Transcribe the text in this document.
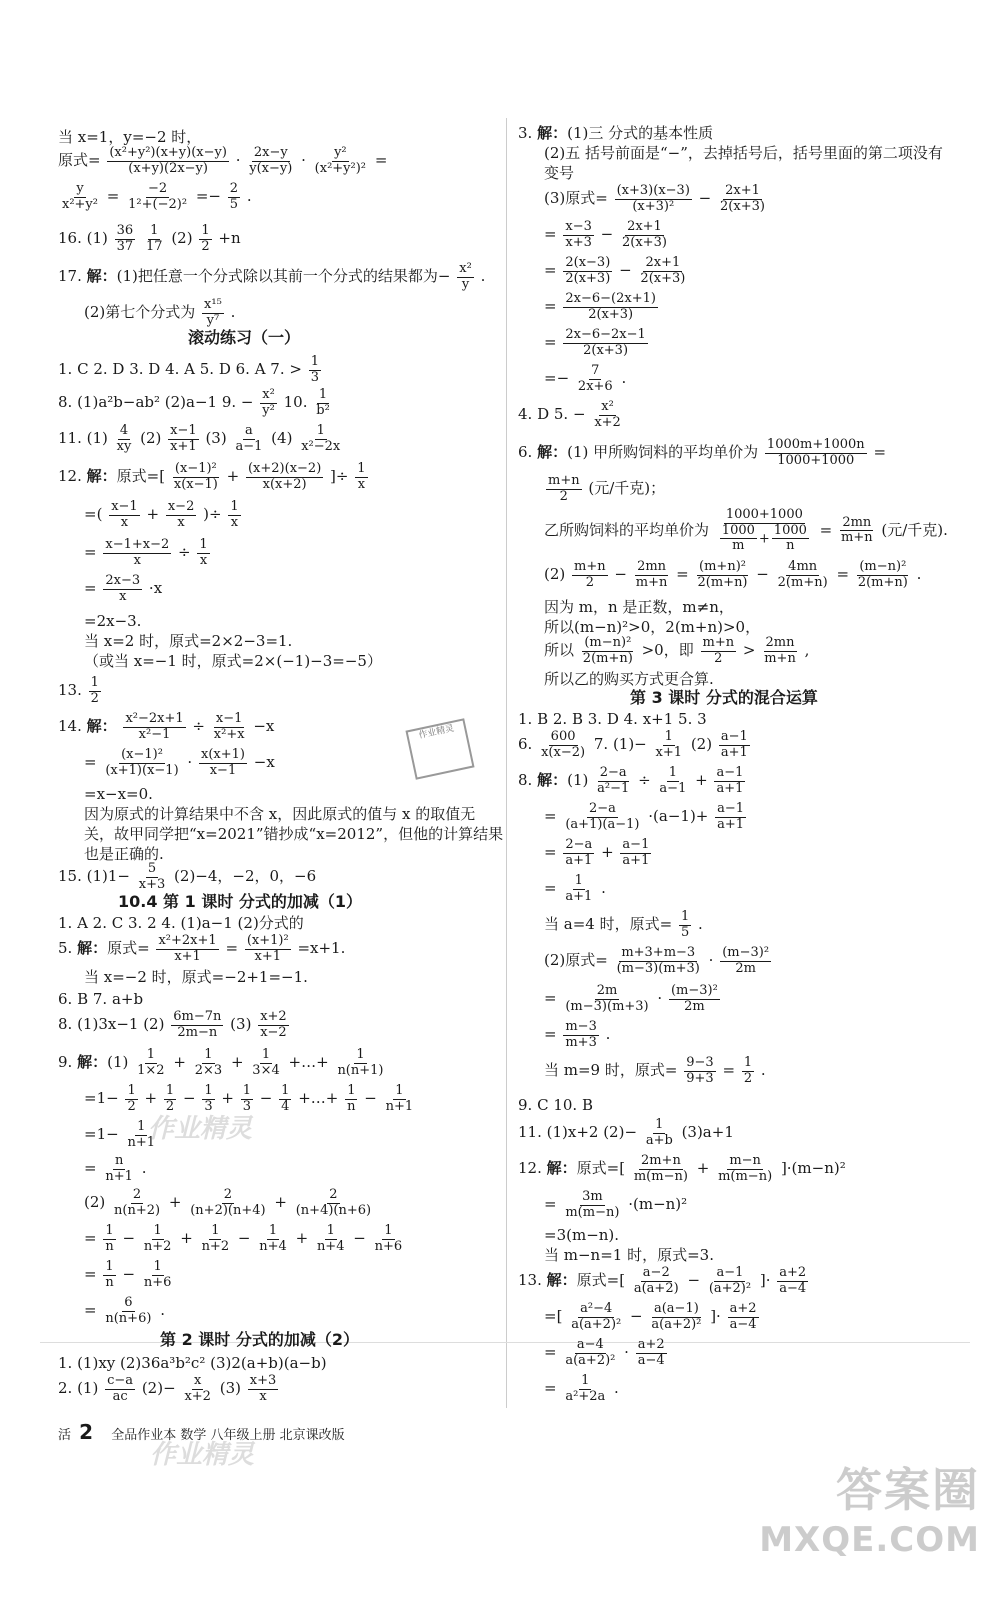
当 x=1，y=−2 时，
原式= $\frac{\text{(x²+y²)(x+y)(x−y)}}{(x+y)(2x-y)} \cdot \frac{2x-y}{y(x-y)} \cdot \frac{\text{y²}}{\text{(x²+y²)²}}$ =
$\frac{y}{\text{x²+y²}} = \frac{-2}{\text{1²+(−2)²}} =- \frac{2}{5}$ .
16. $(1) \frac{36}{37}$
$\frac{1}{17} (2) \frac{1}{2} +n$
17. 解：(1)把任意一个分式除以其前一个分式的结果都为− $\frac{\text{x²}}{y}$ .
(2)第七个分式为 $\frac{\text{x¹⁵}}{\text{y⁷}}$ .
滚动练习（一）
1. C 2. D 3. D 4. A 5. D 6. A 7. > $\frac{1}{3}$
8. (1)a²b−ab² (2)a−1 9. − $\frac{\text{x²}}{\text{y²}} 10$. $\frac{1}{\text{b²}}$
11. $(1) \frac{4}{xy} (2) \frac{x-1}{x+1} (3) \frac{a}{a-1} (4) \frac{1}{\text{x²−2x}}$
12. 解：原式=[ $\frac{\text{(x−1)²}}{x(x-1)} + \frac{(x+2)(x-2)}{x(x+2)}$ ]÷ $\frac{1}{x}$
=( $\frac{x-1}{x} + \frac{x-2}{x}$ )÷ $\frac{1}{x}$
= $\frac{x-1+x-2}{x} \div \frac{1}{x}$
= $\frac{2x-3}{x} \cdot x$
=2x−3.
当 x=2 时，原式=2×2−3=1.
（或当 x=−1 时，原式=2×(−1)−3=−5）
13. $\frac{1}{2}$
14. 解： $\frac{\text{x²−2x+1}}{\text{x²−1}} \div \frac{x-1}{\text{x²+x}} -x$
= $\frac{\text{(x−1)²}}{(x+1)(x-1)} \cdot \frac{x(x+1)}{x-1} -x$
=x−x=0.
因为原式的计算结果中不含 x，因此原式的值与 x 的取值无
关，故甲同学把“x=2021”错抄成“x=2012”，但他的计算结果
也是正确的.
15. $(1)1- \frac{5}{x+3} (2)-4$，−2，0，−6
10.4 第 1 课时 分式的加减（1）
1. A 2. C 3. 2 4. (1)a−1 (2)分式的
5. 解：原式= $\frac{\text{x²+2x+1}}{x+1} = \frac{\text{(x+1)²}}{x+1} =x+1$.
当 x=−2 时，原式=−2+1=−1.
6. B 7. a+b
8. (1)3x−1 $(2) \frac{6m-7n}{2m-n} (3) \frac{x+2}{x-2}$
9. 解：$(1) \frac{1}{1\times 2} + \frac{1}{2\times 3} + \frac{1}{3\times 4}$ +…+ $\frac{1}{n(n+1)}$
$=1- \frac{1}{2} + \frac{1}{2} - \frac{1}{3} + \frac{1}{3} - \frac{1}{4}$ +…+ $\frac{1}{n} - \frac{1}{n+1}$
$=1- \frac{1}{n+1}$
= $\frac{n}{n+1}$ .
$(2) \frac{2}{n(n+2)} + \frac{2}{(n+2)(n+4)} + \frac{2}{(n+4)(n+6)}$
= $\frac{1}{n} - \frac{1}{n+2} + \frac{1}{n+2} - \frac{1}{n+4} + \frac{1}{n+4} - \frac{1}{n+6}$
= $\frac{1}{n} - \frac{1}{n+6}$
= $\frac{6}{n(n+6)}$ .
第 2 课时 分式的加减（2）
1. (1)xy (2)36a³b²c² (3)2(a+b)(a−b)
2. $(1) \frac{c-a}{ac} (2)- \frac{x}{x+2} (3) \frac{x+3}{x}$
3. 解：(1)三 分式的基本性质
(2)五 括号前面是“−”，去掉括号后，括号里面的第二项没有
变号
(3)原式= $\frac{(x+3)(x-3)}{\text{(x+3)²}} - \frac{2x+1}{2(x+3)}$
= $\frac{x-3}{x+3} - \frac{2x+1}{2(x+3)}$
= $\frac{2(x-3)}{2(x+3)} - \frac{2x+1}{2(x+3)}$
= $\frac{2x-6-(2x+1)}{2(x+3)}$
= $\frac{2x-6-2x-1}{2(x+3)}$
=− $\frac{7}{2x+6}$ .
4. D 5. − $\frac{\text{x²}}{x+2}$
6. 解：(1) 甲所购饲料的平均单价为 $\frac{1000m+1000n}{1000+1000}$ =
$\frac{m+n}{2}$ (元/千克)；
乙所购饲料的平均单价为 $\frac{1000+1000}{\frac{1000}{m} + \frac{1000}{n}} = \frac{2mn}{m+n}$ (元/千克).
$(2) \frac{m+n}{2} - \frac{2mn}{m+n} = \frac{\text{(m+n)²}}{2(m+n)} - \frac{4mn}{2(m+n)} = \frac{\text{(m−n)²}}{2(m+n)}$ .
因为 m，n 是正数，m≠n，
所以(m−n)²>0，2(m+n)>0，
所以 $\frac{\text{(m−n)²}}{2(m+n)} >0$，即 $\frac{m+n}{2} > \frac{2mn}{m+n}$ ,
所以乙的购买方式更合算.
第 3 课时 分式的混合运算
1. B 2. B 3. D 4. x+1 5. 3
6. $\frac{600}{x(x-2)} 7$. $(1)- \frac{1}{x+1} (2) \frac{a-1}{a+1}$
8. 解：$(1) \frac{2-a}{\text{a²−1}} \div \frac{1}{a-1} + \frac{a-1}{a+1}$
= $\frac{2-a}{(a+1)(a-1)} \cdot(a-1)+ \frac{a-1}{a+1}$
= $\frac{2-a}{a+1} + \frac{a-1}{a+1}$
= $\frac{1}{a+1}$ .
当 a=4 时，原式= $\frac{1}{5}$ .
(2)原式= $\frac{m+3+m-3}{(m-3)(m+3)} \cdot \frac{\text{(m−3)²}}{2m}$
= $\frac{2m}{(m-3)(m+3)} \cdot \frac{\text{(m−3)²}}{2m}$
= $\frac{m-3}{m+3}$ .
当 m=9 时，原式= $\frac{9-3}{9+3} = \frac{1}{2}$ .
9. C 10. B
11. (1)x+2 $(2)- \frac{1}{a+b} (3)a+1$
12. 解：原式=[ $\frac{2m+n}{m(m-n)} + \frac{m-n}{m(m-n)} ]\cdot(m-n)^2$
= $\frac{3m}{m(m-n)} \cdot(m-n)^2$
=3(m−n).
当 m−n=1 时，原式=3.
13. 解：原式=[ $\frac{a-2}{a(a+2)} - \frac{a-1}{\text{(a+2)²}}$ ]· $\frac{a+2}{a-4}$
=[ $\frac{\text{a²−4}}{\text{a(a+2)²}} - \frac{a(a-1)}{\text{a(a+2)²}}$ ]· $\frac{a+2}{a-4}$
= $\frac{a-4}{\text{a(a+2)²}} \cdot \frac{a+2}{a-4}$
= $\frac{1}{\text{a²+2a}}$ .
活 2 全品作业本 数学 八年级上册 北京课改版
作业精灵
作业精灵
作业精灵
答案圈
MXQE.COM
